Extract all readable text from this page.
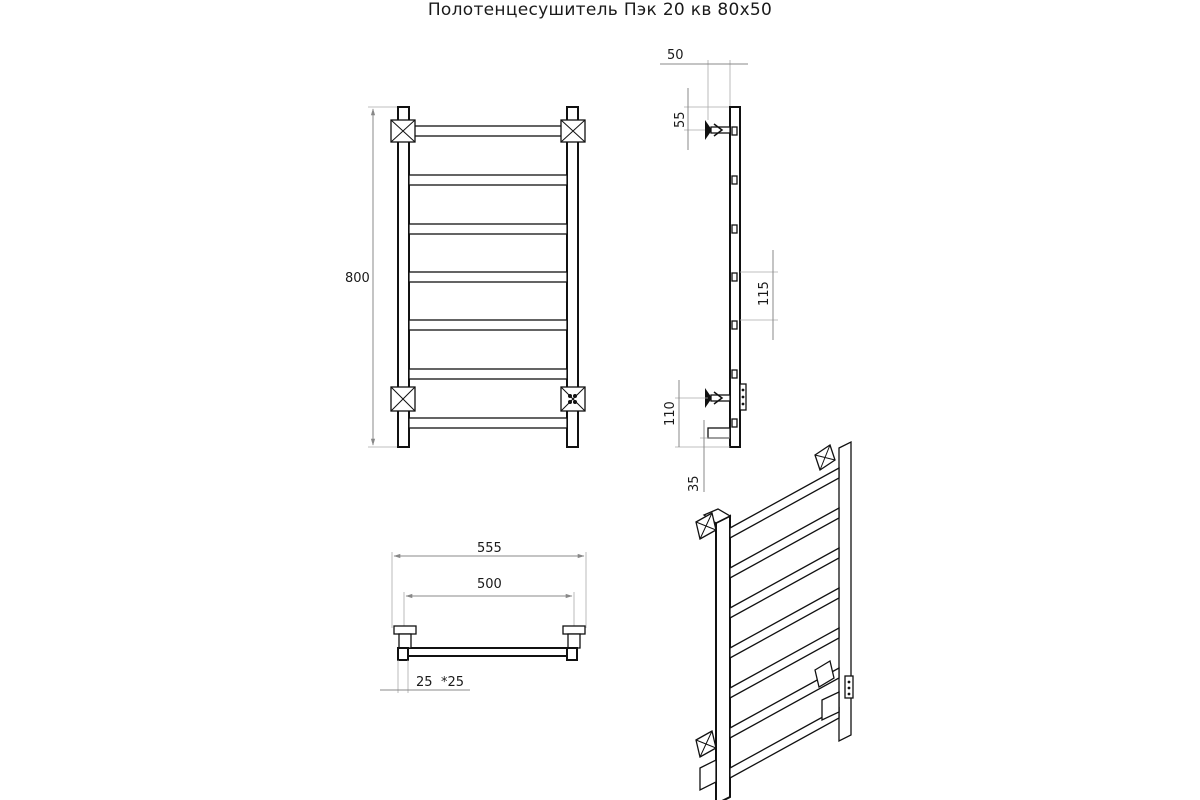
Полотенцесушитель Пэк 20 кв 80х50
800
50
55
115
110
35
555
500
25 *25
